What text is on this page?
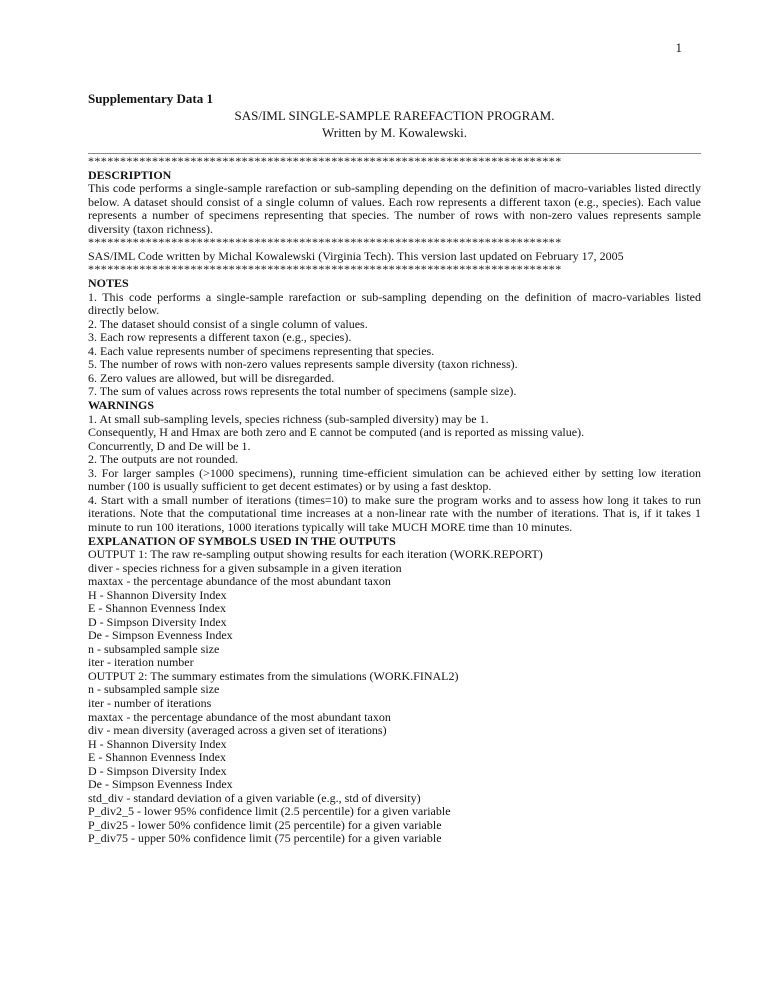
1
Supplementary Data 1
SAS/IML SINGLE-SAMPLE RAREFACTION PROGRAM.
Written by M. Kowalewski.
**************************************************************************
DESCRIPTION
This code performs a single-sample rarefaction or sub-sampling depending on the definition of macro-variables listed directly below. A dataset should consist of a single column of values. Each row represents a different taxon (e.g., species). Each value represents a number of specimens representing that species. The number of rows with non-zero values represents sample diversity (taxon richness).
**************************************************************************
SAS/IML Code written by Michal Kowalewski (Virginia Tech). This version last updated on February 17, 2005
**************************************************************************
NOTES
1. This code performs a single-sample rarefaction or sub-sampling depending on the definition of macro-variables listed directly below.
2. The dataset should consist of a single column of values.
3. Each row represents a different taxon (e.g., species).
4. Each value represents number of specimens representing that species.
5. The number of rows with non-zero values represents sample diversity (taxon richness).
6. Zero values are allowed, but will be disregarded.
7. The sum of values across rows represents the total number of specimens (sample size).
WARNINGS
1. At small sub-sampling levels, species richness (sub-sampled diversity) may be 1.
Consequently, H and Hmax are both zero and E cannot be computed (and is reported as missing value).
Concurrently, D and De will be 1.
2. The outputs are not rounded.
3. For larger samples (>1000 specimens), running time-efficient simulation can be achieved either by setting low iteration number (100 is usually sufficient to get decent estimates) or by using a fast desktop.
4. Start with a small number of iterations (times=10) to make sure the program works and to assess how long it takes to run iterations. Note that the computational time increases at a non-linear rate with the number of iterations. That is, if it takes 1 minute to run 100 iterations, 1000 iterations typically will take MUCH MORE time than 10 minutes.
EXPLANATION OF SYMBOLS USED IN THE OUTPUTS
OUTPUT 1: The raw re-sampling output showing results for each iteration (WORK.REPORT)
diver - species richness for a given subsample in a given iteration
maxtax - the percentage abundance of the most abundant taxon
H - Shannon Diversity Index
E - Shannon Evenness Index
D - Simpson Diversity Index
De - Simpson Evenness Index
n - subsampled sample size
iter - iteration number
OUTPUT 2: The summary estimates from the simulations (WORK.FINAL2)
n - subsampled sample size
iter - number of iterations
maxtax - the percentage abundance of the most abundant taxon
div - mean diversity (averaged across a given set of iterations)
H - Shannon Diversity Index
E - Shannon Evenness Index
D - Simpson Diversity Index
De - Simpson Evenness Index
std_div - standard deviation of a given variable (e.g., std of diversity)
P_div2_5 - lower 95% confidence limit (2.5 percentile) for a given variable
P_div25 - lower 50% confidence limit (25 percentile) for a given variable
P_div75 - upper 50% confidence limit (75 percentile) for a given variable
